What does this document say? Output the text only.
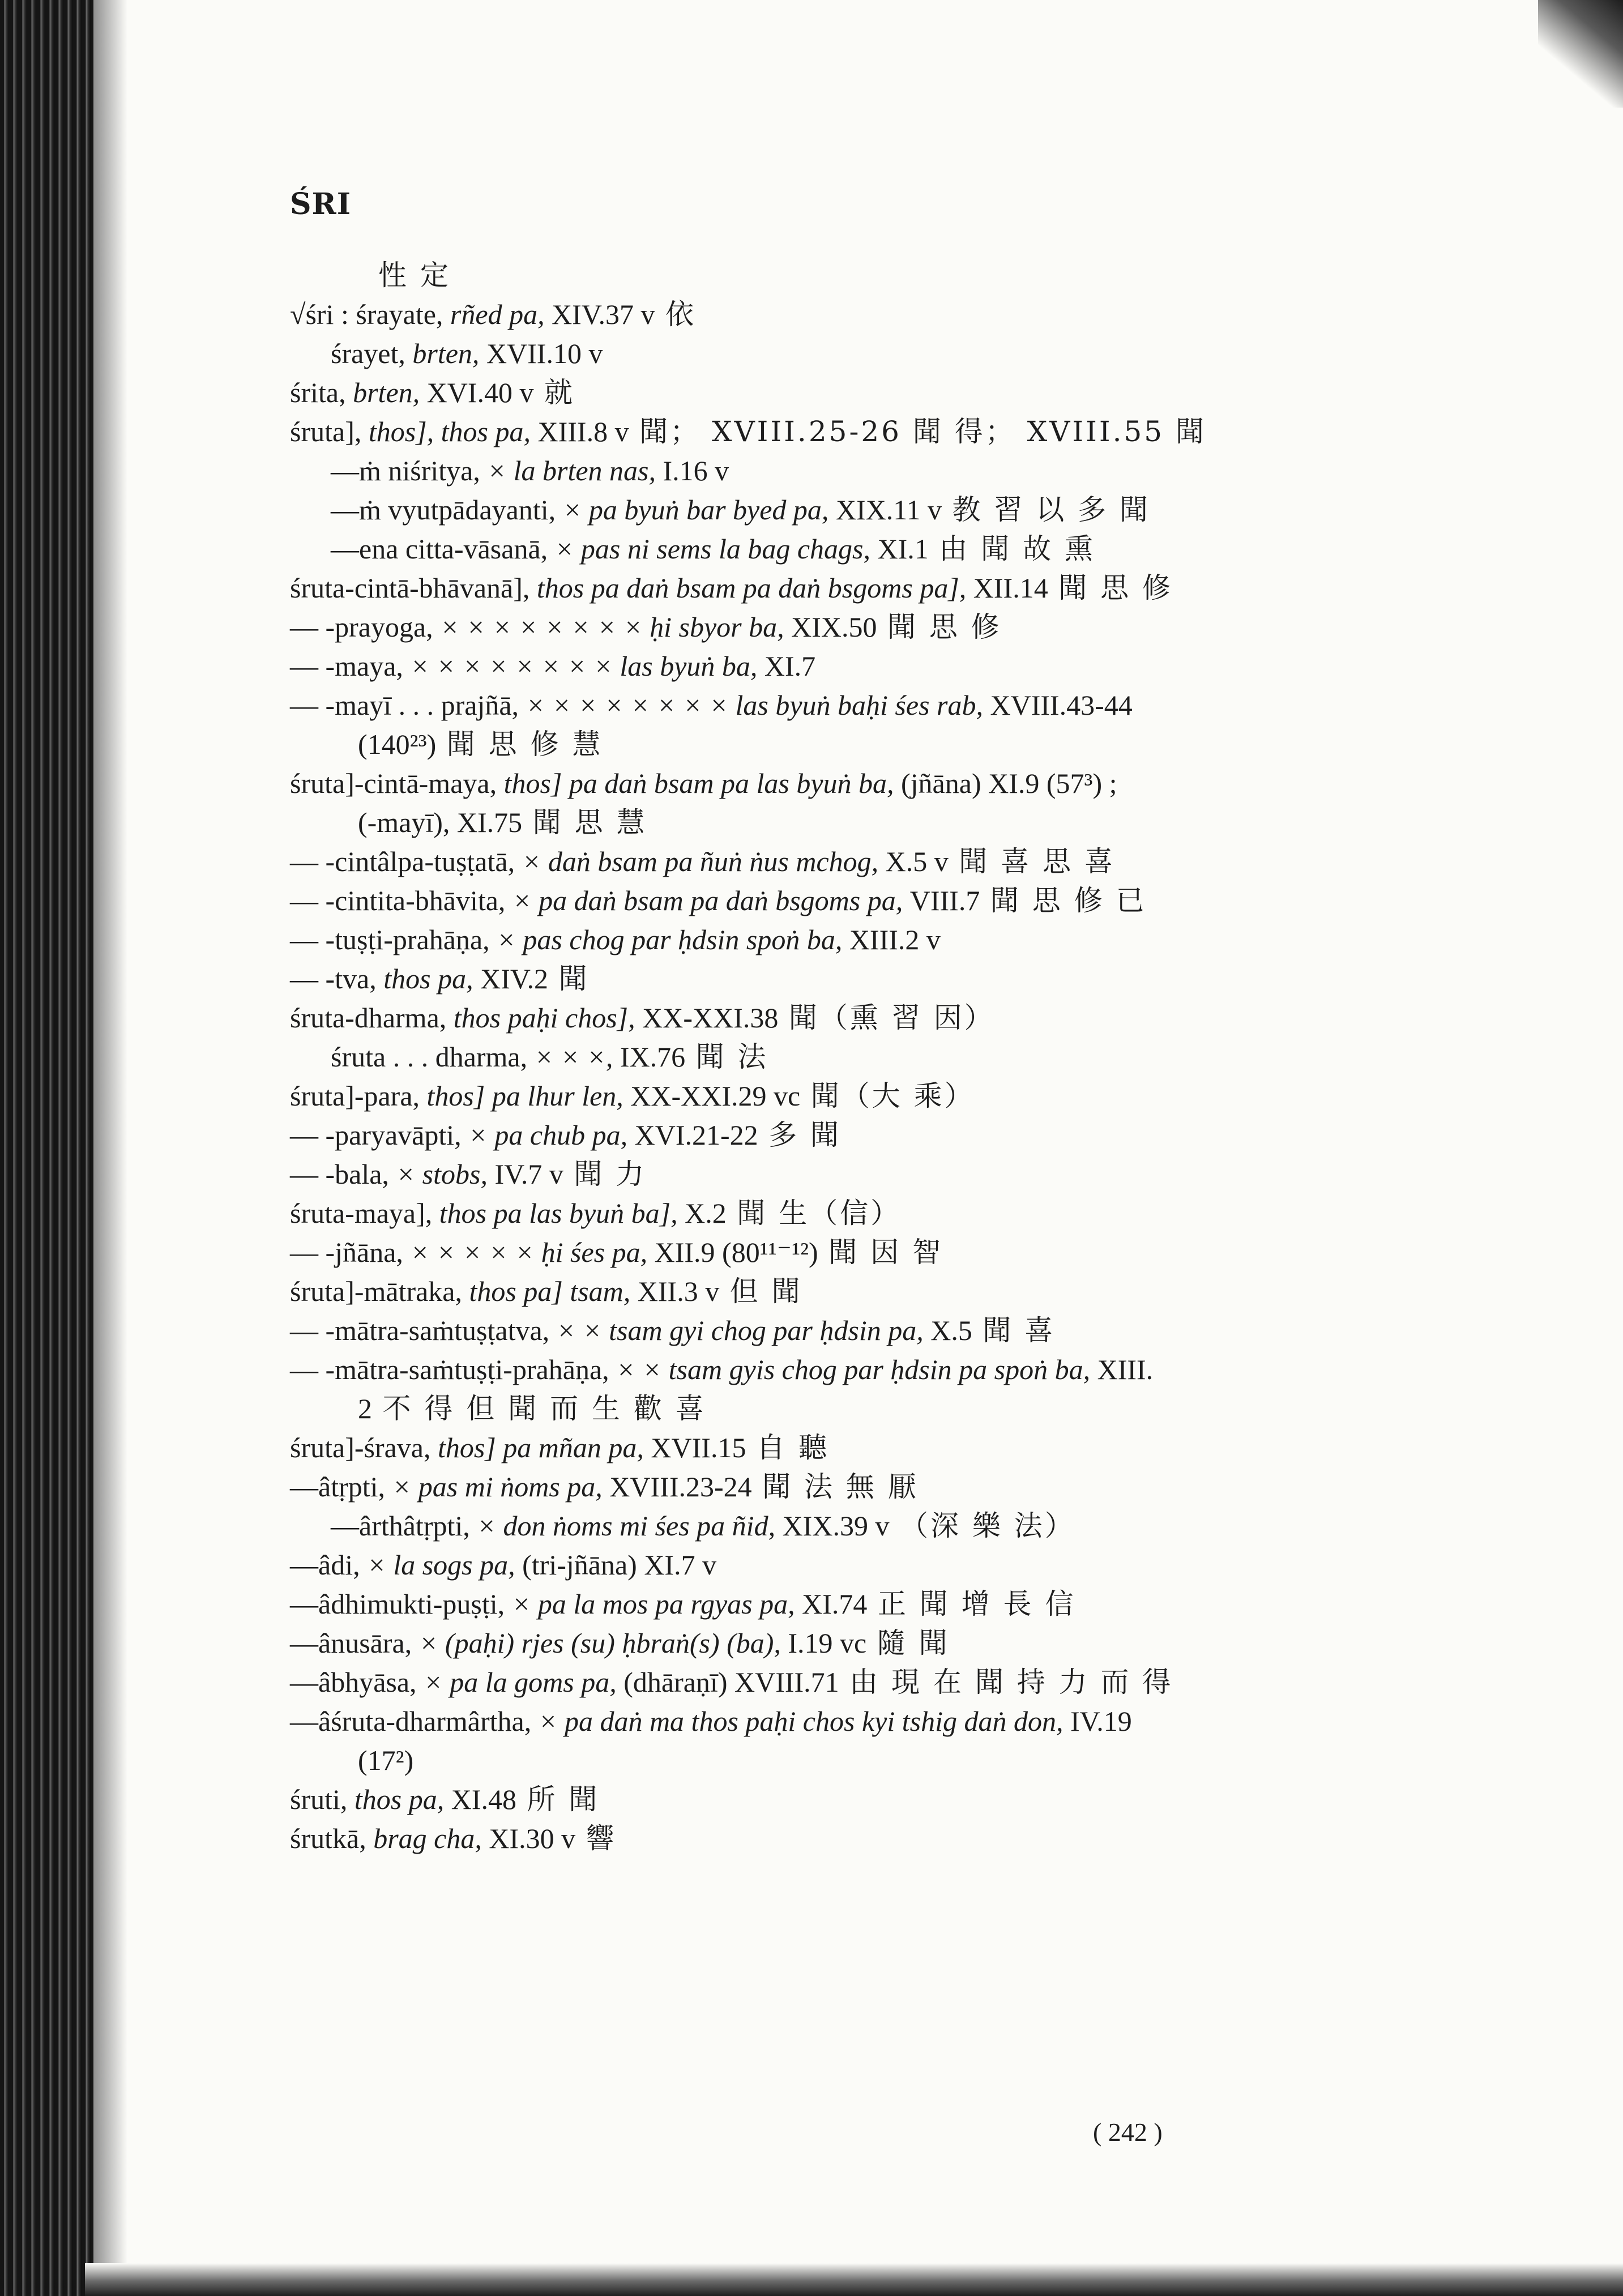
ŚRI
性 定
√śri : śrayate, rñed pa, XIV.37 v 依
śrayet, brten, XVII.10 v
śrita, brten, XVI.40 v 就
śruta], thos], thos pa, XIII.8 v 聞； XVIII.25-26 聞 得； XVIII.55 聞
—ṁ niśritya, × la brten nas, I.16 v
—ṁ vyutpādayanti, × pa byuṅ bar byed pa, XIX.11 v 教 習 以 多 聞
—ena citta-vāsanā, × pas ni sems la bag chags, XI.1 由 聞 故 熏
śruta-cintā-bhāvanā], thos pa daṅ bsam pa daṅ bsgoms pa], XII.14 聞 思 修
— -prayoga, × × × × × × × × ḥi sbyor ba, XIX.50 聞 思 修
— -maya, × × × × × × × × las byuṅ ba, XI.7
— -mayī . . . prajñā, × × × × × × × × las byuṅ baḥi śes rab, XVIII.43-44
(140²³) 聞 思 修 慧
śruta]-cintā-maya, thos] pa daṅ bsam pa las byuṅ ba, (jñāna) XI.9 (57³) ;
(-mayī), XI.75 聞 思 慧
— -cintâlpa-tuṣṭatā, × daṅ bsam pa ñuṅ ṅus mchog, X.5 v 聞 喜 思 喜
— -cintita-bhāvita, × pa daṅ bsam pa daṅ bsgoms pa, VIII.7 聞 思 修 已
— -tuṣṭi-prahāṇa, × pas chog par ḥdsin spoṅ ba, XIII.2 v
— -tva, thos pa, XIV.2 聞
śruta-dharma, thos paḥi chos], XX-XXI.38 聞（熏 習 因）
śruta . . . dharma, × × ×, IX.76 聞 法
śruta]-para, thos] pa lhur len, XX-XXI.29 vc 聞（大 乘）
— -paryavāpti, × pa chub pa, XVI.21-22 多 聞
— -bala, × stobs, IV.7 v 聞 力
śruta-maya], thos pa las byuṅ ba], X.2 聞 生（信）
— -jñāna, × × × × × ḥi śes pa, XII.9 (80¹¹⁻¹²) 聞 因 智
śruta]-mātraka, thos pa] tsam, XII.3 v 但 聞
— -mātra-saṁtuṣṭatva, × × tsam gyi chog par ḥdsin pa, X.5 聞 喜
— -mātra-saṁtuṣṭi-prahāṇa, × × tsam gyis chog par ḥdsin pa spoṅ ba, XIII.
2 不 得 但 聞 而 生 歡 喜
śruta]-śrava, thos] pa mñan pa, XVII.15 自 聽
—âtṛpti, × pas mi ṅoms pa, XVIII.23-24 聞 法 無 厭
—ârthâtṛpti, × don ṅoms mi śes pa ñid, XIX.39 v （深 樂 法）
—âdi, × la sogs pa, (tri-jñāna) XI.7 v
—âdhimukti-puṣṭi, × pa la mos pa rgyas pa, XI.74 正 聞 增 長 信
—ânusāra, × (paḥi) rjes (su) ḥbraṅ(s) (ba), I.19 vc 隨 聞
—âbhyāsa, × pa la goms pa, (dhāraṇī) XVIII.71 由 現 在 聞 持 力 而 得
—âśruta-dharmârtha, × pa daṅ ma thos paḥi chos kyi tshig daṅ don, IV.19
(17²)
śruti, thos pa, XI.48 所 聞
śrutkā, brag cha, XI.30 v 響
( 242 )
